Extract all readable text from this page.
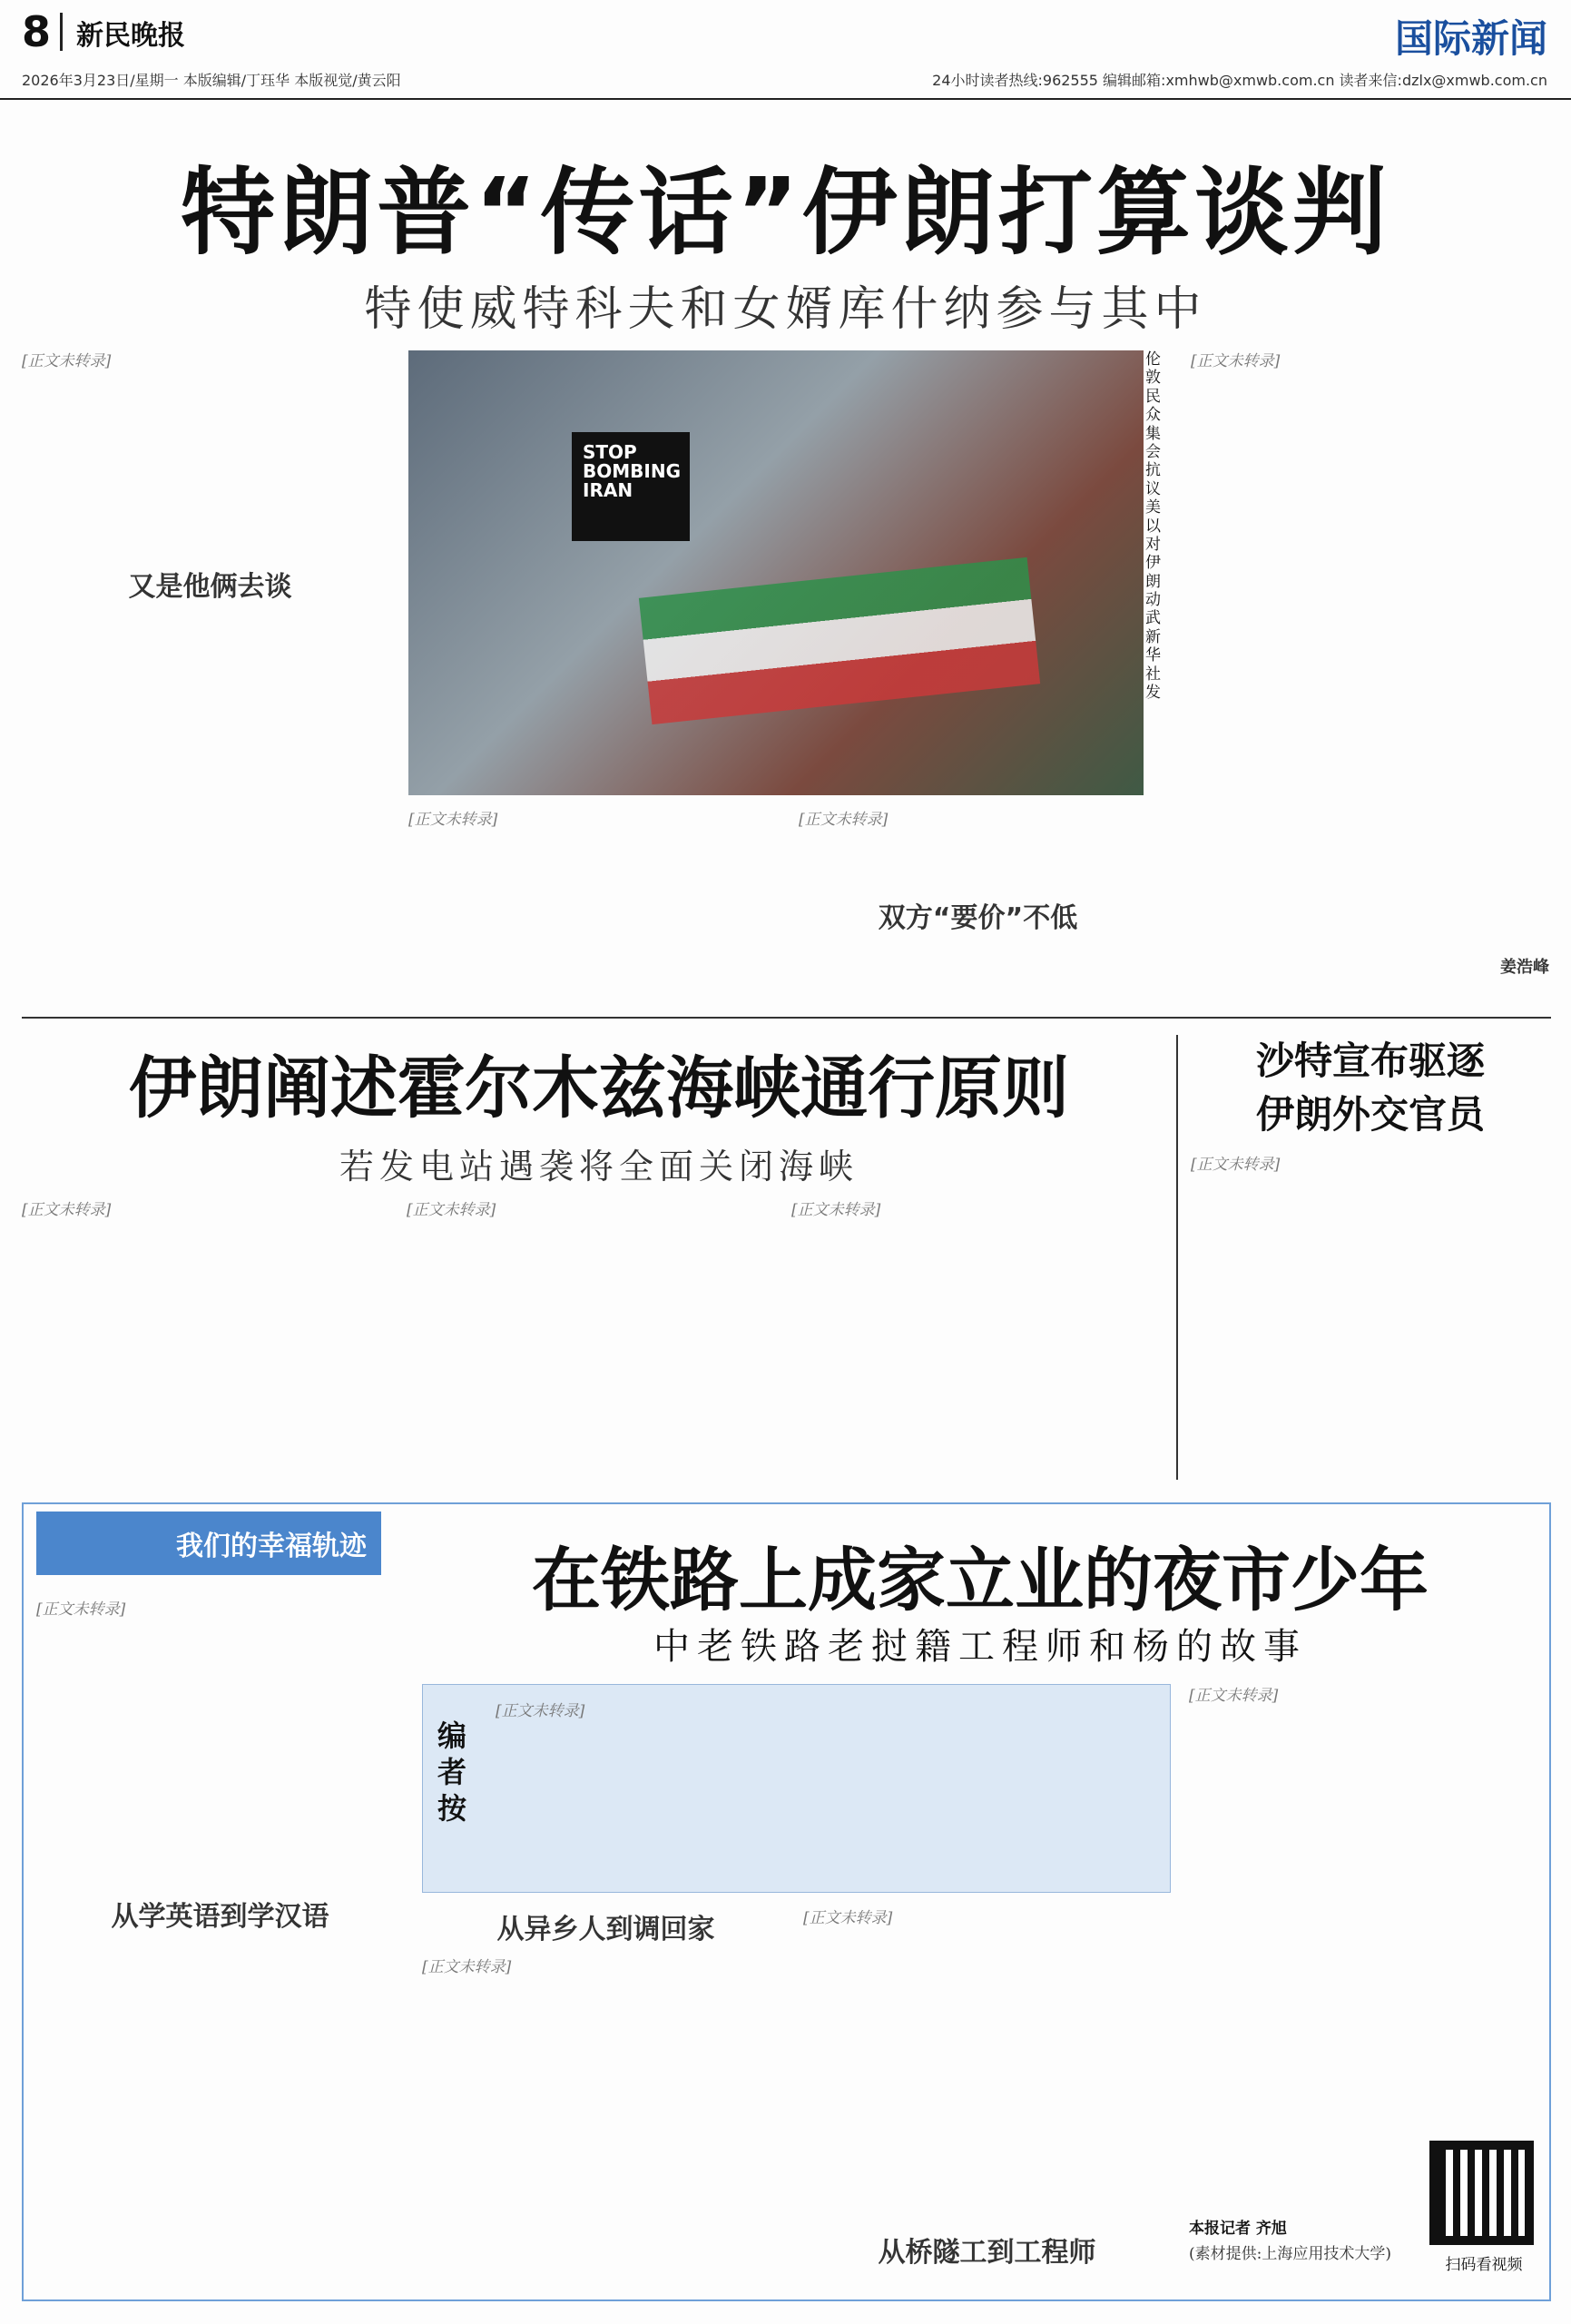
8 新民晚报	国际新闻
2026年3月23日/星期一 本版编辑/丁珏华 本版视觉/黄云阳	24小时读者热线:962555 编辑邮箱:xmhwb@xmwb.com.cn 读者来信:dzlx@xmwb.com.cn
特朗普“传话”伊朗打算谈判
特使威特科夫和女婿库什纳参与其中
[正文未转录]
又是他俩去谈
STOP BOMBING IRAN
伦敦民众集会抗议美以对伊朗动武 新华社发
[正文未转录]	[正文未转录]
双方“要价”不低
[正文未转录]
姜浩峰
伊朗阐述霍尔木兹海峡通行原则
若发电站遇袭将全面关闭海峡
[正文未转录]	[正文未转录]	[正文未转录]
沙特宣布驱逐
伊朗外交官员
[正文未转录]
我们的幸福轨迹	在铁路上成家立业的夜市少年
中老铁路老挝籍工程师和杨的故事
[正文未转录]
从学英语到学汉语
编者按
[正文未转录]
从异乡人到调回家
[正文未转录]
[正文未转录]
从桥隧工到工程师
[正文未转录]
本报记者 齐旭
(素材提供:上海应用技术大学)
扫码看视频
